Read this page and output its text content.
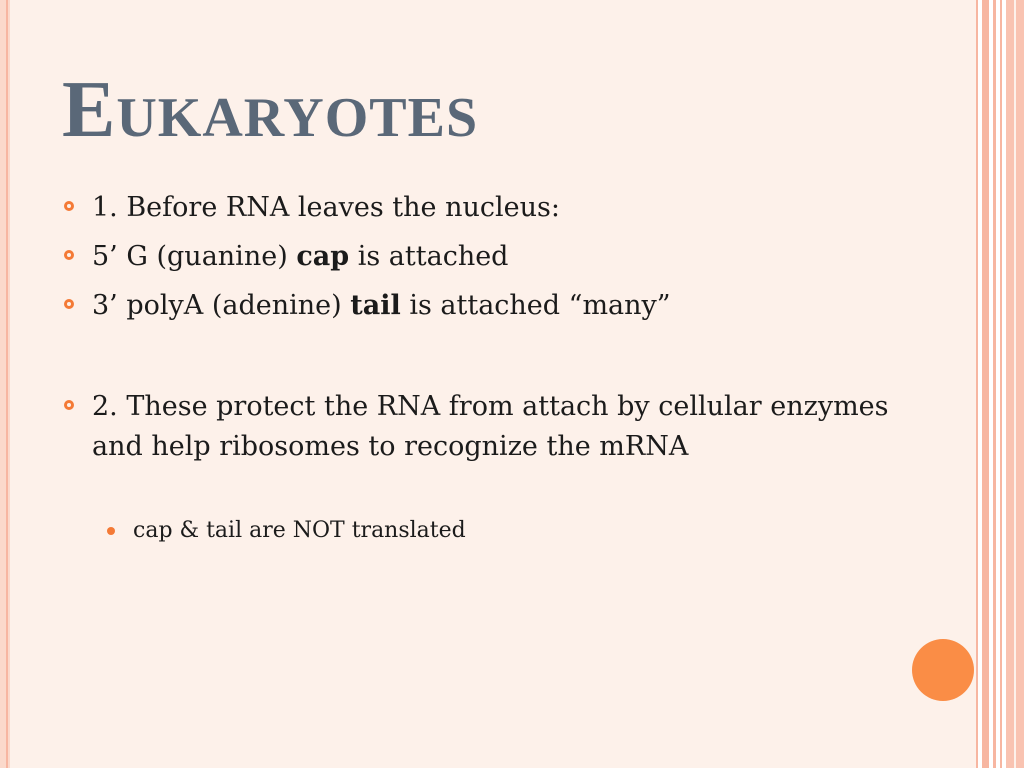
Eukaryotes
1. Before RNA leaves the nucleus:
5’ G (guanine) cap is attached
3’ polyA (adenine) tail is attached “many”
2. These protect the RNA from attach by cellular enzymes and help ribosomes to recognize the mRNA
cap & tail are NOT translated
